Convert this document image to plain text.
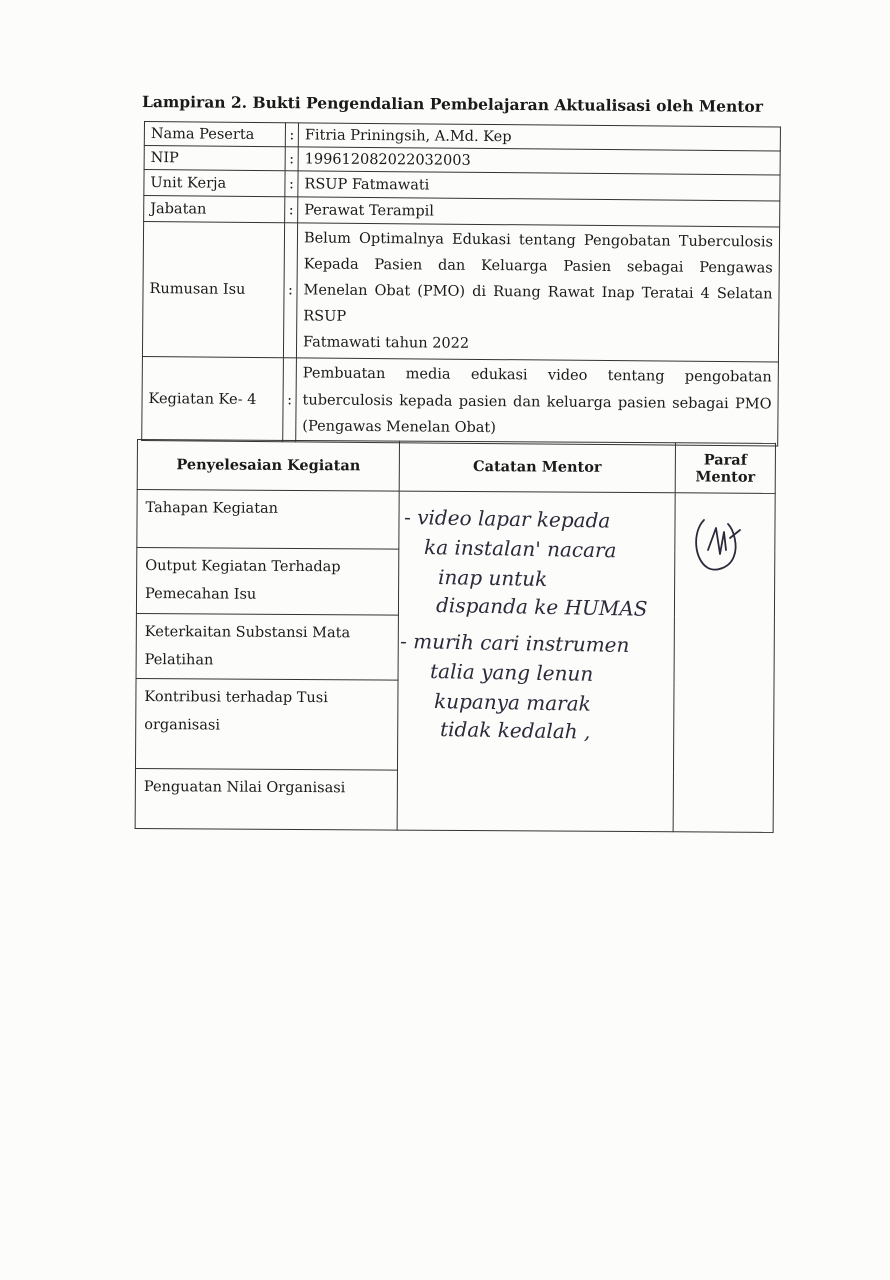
Lampiran 2. Bukti Pengendalian Pembelajaran Aktualisasi oleh Mentor
Nama Peserta	:	Fitria Priningsih, A.Md. Kep
NIP	:	199612082022032003
Unit Kerja	:	RSUP Fatmawati
Jabatan	:	Perawat Terampil
Rumusan Isu	:	Belum Optimalnya Edukasi tentang Pengobatan Tuberculosis Kepada Pasien dan Keluarga Pasien sebagai Pengawas Menelan Obat (PMO) di Ruang Rawat Inap Teratai 4 Selatan RSUP
Fatmawati tahun 2022

Kegiatan Ke- 4	:	Pembuatan media edukasi video tentang pengobatan tuberculosis kepada pasien dan keluarga pasien sebagai PMO
(Pengawas Menelan Obat)
Penyelesaian Kegiatan	Catatan Mentor	Paraf
Mentor

Tahapan Kegiatan		

Output Kegiatan Terhadap
Pemecahan Isu		

Keterkaitan Substansi Mata
Pelatihan		

Kontribusi terhadap Tusi
organisasi		

Penguatan Nilai Organisasi		
- video lapar kepada
ka instalan' nacara
inap untuk
dispanda ke HUMAS
- murih cari instrumen
talia yang lenun
kupanya marak
tidak kedalah ,
